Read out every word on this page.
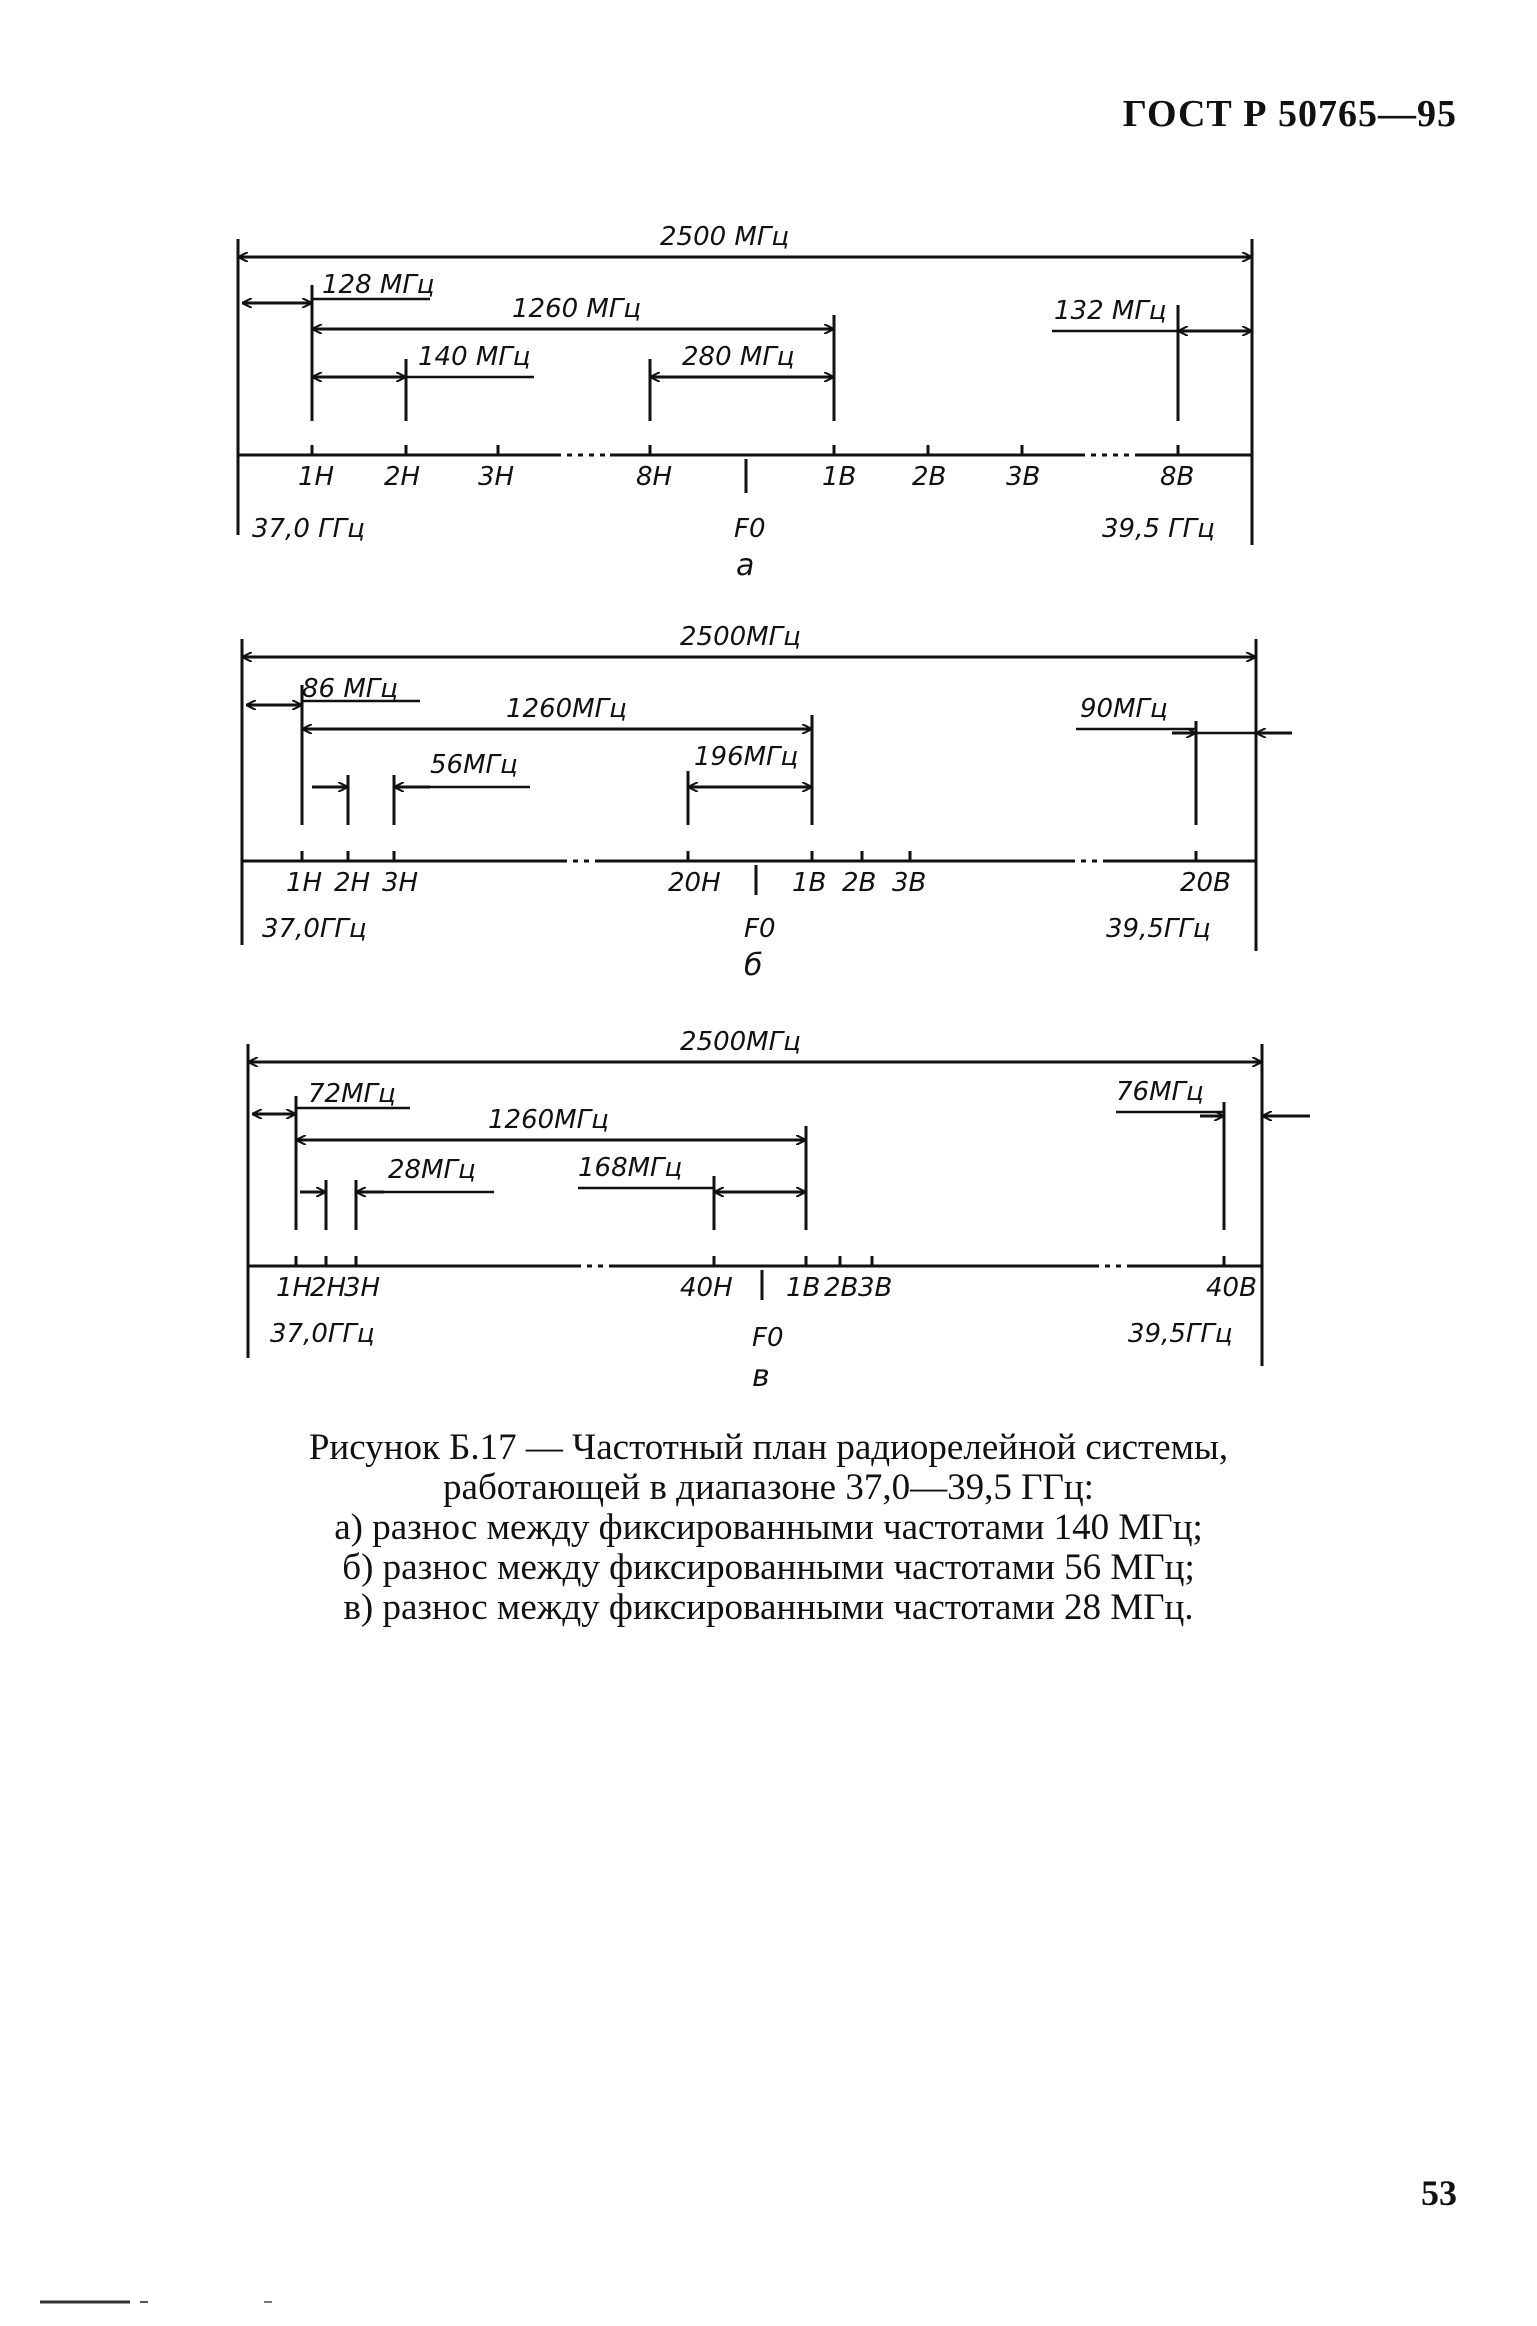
ГОСТ Р 50765—95
2500 МГц
128 МГц
1260 МГц
140 МГц	280 МГц
132 МГц
1Н 2Н 3Н	8Н	1В 2В 3В	8В
37,0 ГГц	F0	39,5 ГГц
а
2500МГц
86 МГц
1260МГц
56МГц	196МГц
90МГц
1Н 2Н 3Н	20Н	1В 2В 3В	20В
37,0ГГц	F0	39,5ГГц
б
2500МГц
72МГц
1260МГц
28МГц	168МГц
76МГц
1Н
2Н
3Н	40Н 1В 2В 3В	40В
37,0ГГц	F0	39,5ГГц
в
Рисунок Б.17 — Частотный план радиорелейной системы,
работающей в диапазоне 37,0—39,5 ГГц:
а) разнос между фиксированными частотами 140 МГц;
б) разнос между фиксированными частотами 56 МГц;
в) разнос между фиксированными частотами 28 МГц.
53
